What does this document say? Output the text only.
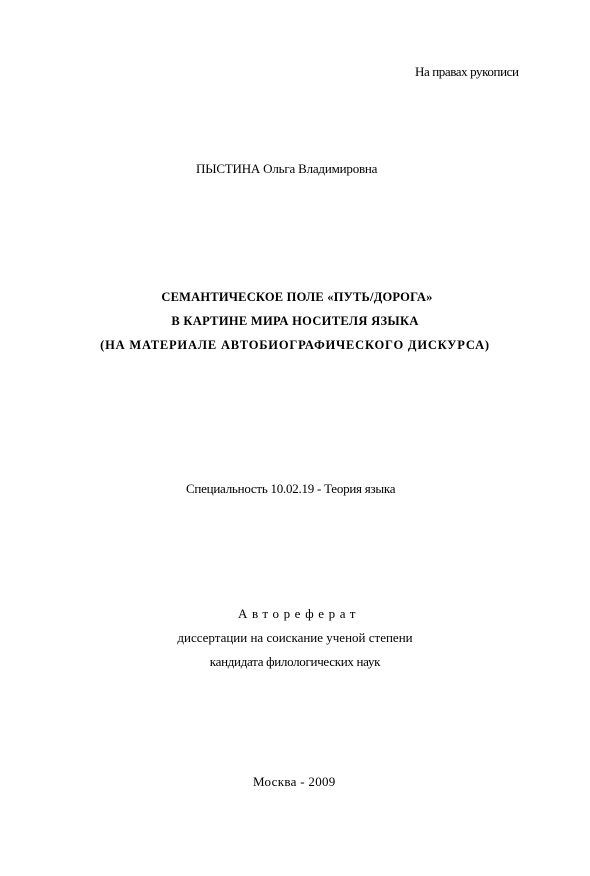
На правах рукописи
ПЫСТИНА Ольга Владимировна
СЕМАНТИЧЕСКОЕ ПОЛЕ «ПУТЬ/ДОРОГА»
В КАРТИНЕ МИРА НОСИТЕЛЯ ЯЗЫКА
(НА МАТЕРИАЛЕ АВТОБИОГРАФИЧЕСКОГО ДИСКУРСА)
Специальность 10.02.19 - Теория языка
Автореферат
диссертации на соискание ученой степени
кандидата филологических наук
Москва - 2009
